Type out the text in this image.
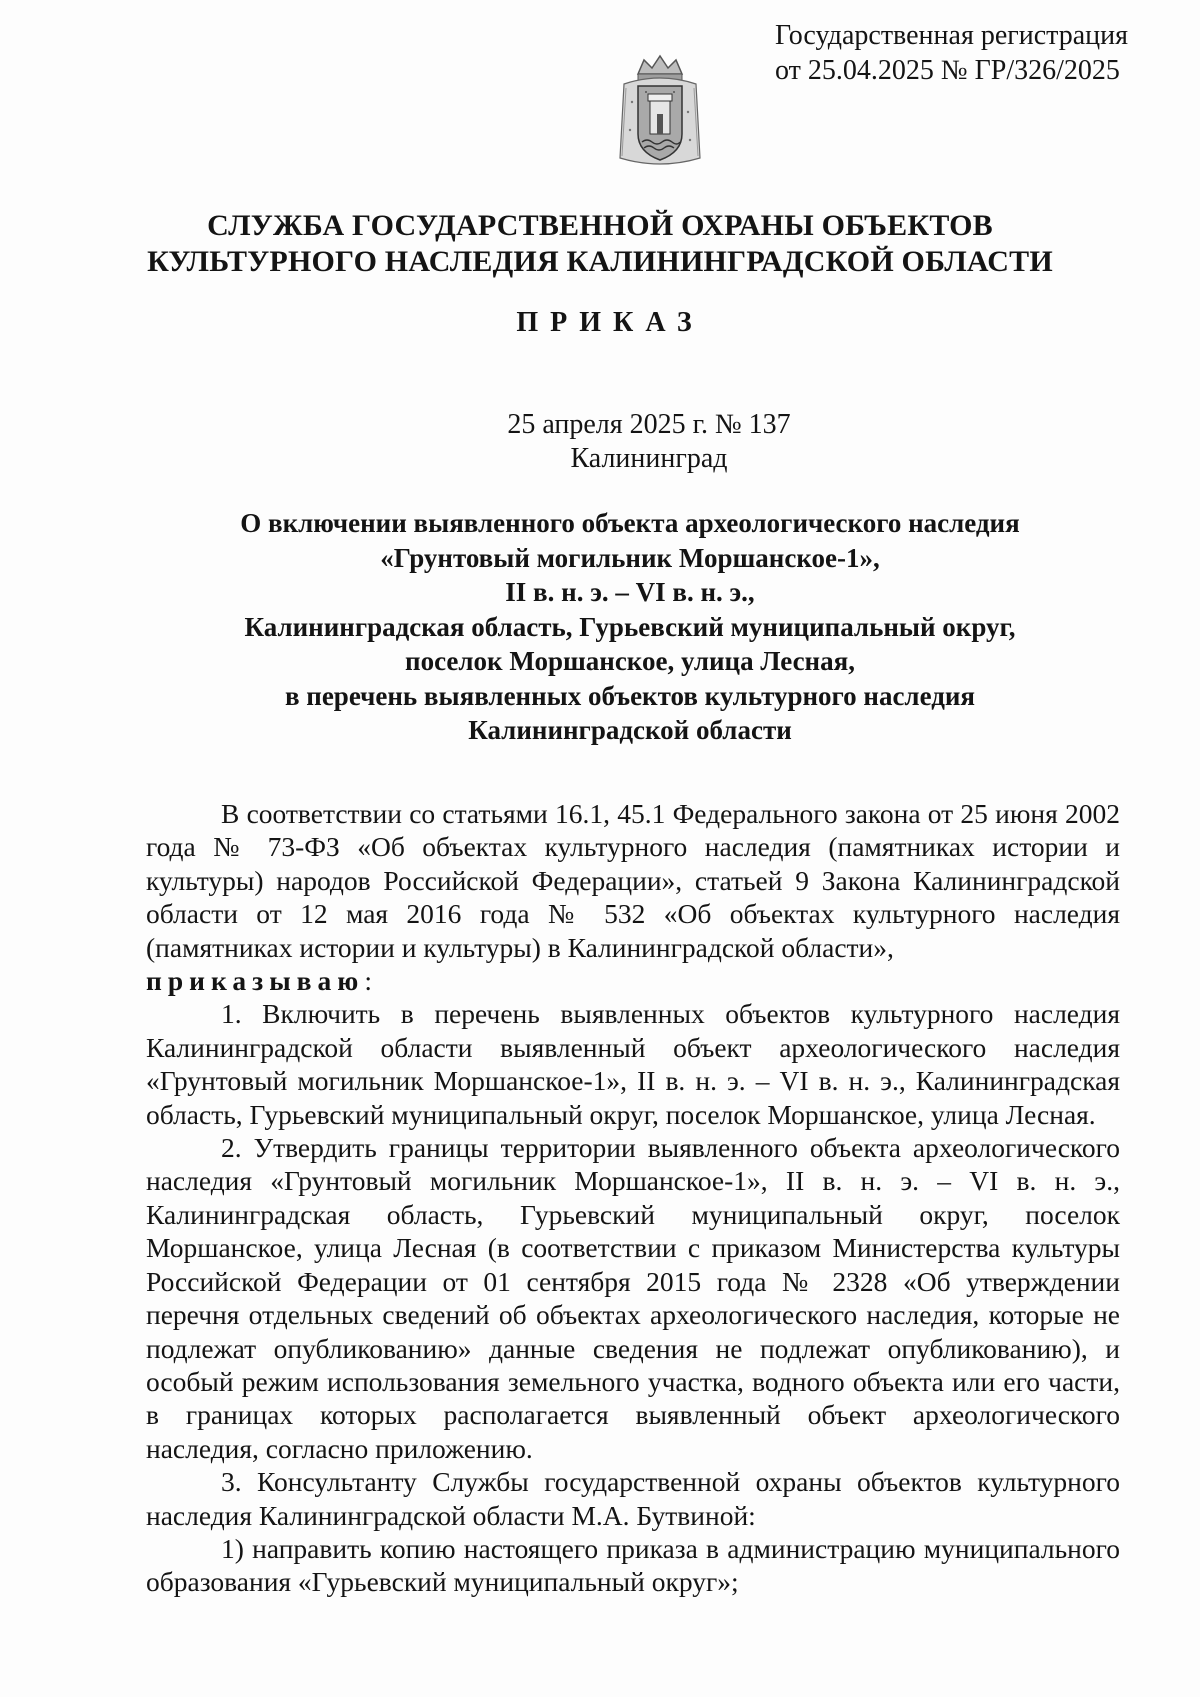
Государственная регистрация
от 25.04.2025 № ГР/326/2025
СЛУЖБА ГОСУДАРСТВЕННОЙ ОХРАНЫ ОБЪЕКТОВ
КУЛЬТУРНОГО НАСЛЕДИЯ КАЛИНИНГРАДСКОЙ ОБЛАСТИ
ПРИКАЗ
25 апреля 2025 г. № 137
Калининград
О включении выявленного объекта археологического наследия
«Грунтовый могильник Моршанское-1»,
II в. н. э. – VI в. н. э.,
Калининградская область, Гурьевский муниципальный округ,
поселок Моршанское, улица Лесная,
в перечень выявленных объектов культурного наследия
Калининградской области

В соответствии со статьями 16.1, 45.1 Федерального закона от 25 июня 2002 года № 73-ФЗ «Об объектах культурного наследия (памятниках истории и культуры) народов Российской Федерации», статьей 9 Закона Калининградской области от 12 мая 2016 года № 532 «Об объектах культурного наследия (памятниках истории и культуры) в Калининградской области»,
приказываю:

1. Включить в перечень выявленных объектов культурного наследия Калининградской области выявленный объект археологического наследия «Грунтовый могильник Моршанское-1», II в. н. э. – VI в. н. э., Калининградская область, Гурьевский муниципальный округ, поселок Моршанское, улица Лесная.

2. Утвердить границы территории выявленного объекта археологического наследия «Грунтовый могильник Моршанское-1», II в. н. э. – VI в. н. э., Калининградская область, Гурьевский муниципальный округ, поселок Моршанское, улица Лесная (в соответствии с приказом Министерства культуры Российской Федерации от 01 сентября 2015 года № 2328 «Об утверждении перечня отдельных сведений об объектах археологического наследия, которые не подлежат опубликованию» данные сведения не подлежат опубликованию), и особый режим использования земельного участка, водного объекта или его части, в границах которых располагается выявленный объект археологического наследия, согласно приложению.

3. Консультанту Службы государственной охраны объектов культурного наследия Калининградской области М.А. Бутвиной:

1) направить копию настоящего приказа в администрацию муниципального образования «Гурьевский муниципальный округ»;
